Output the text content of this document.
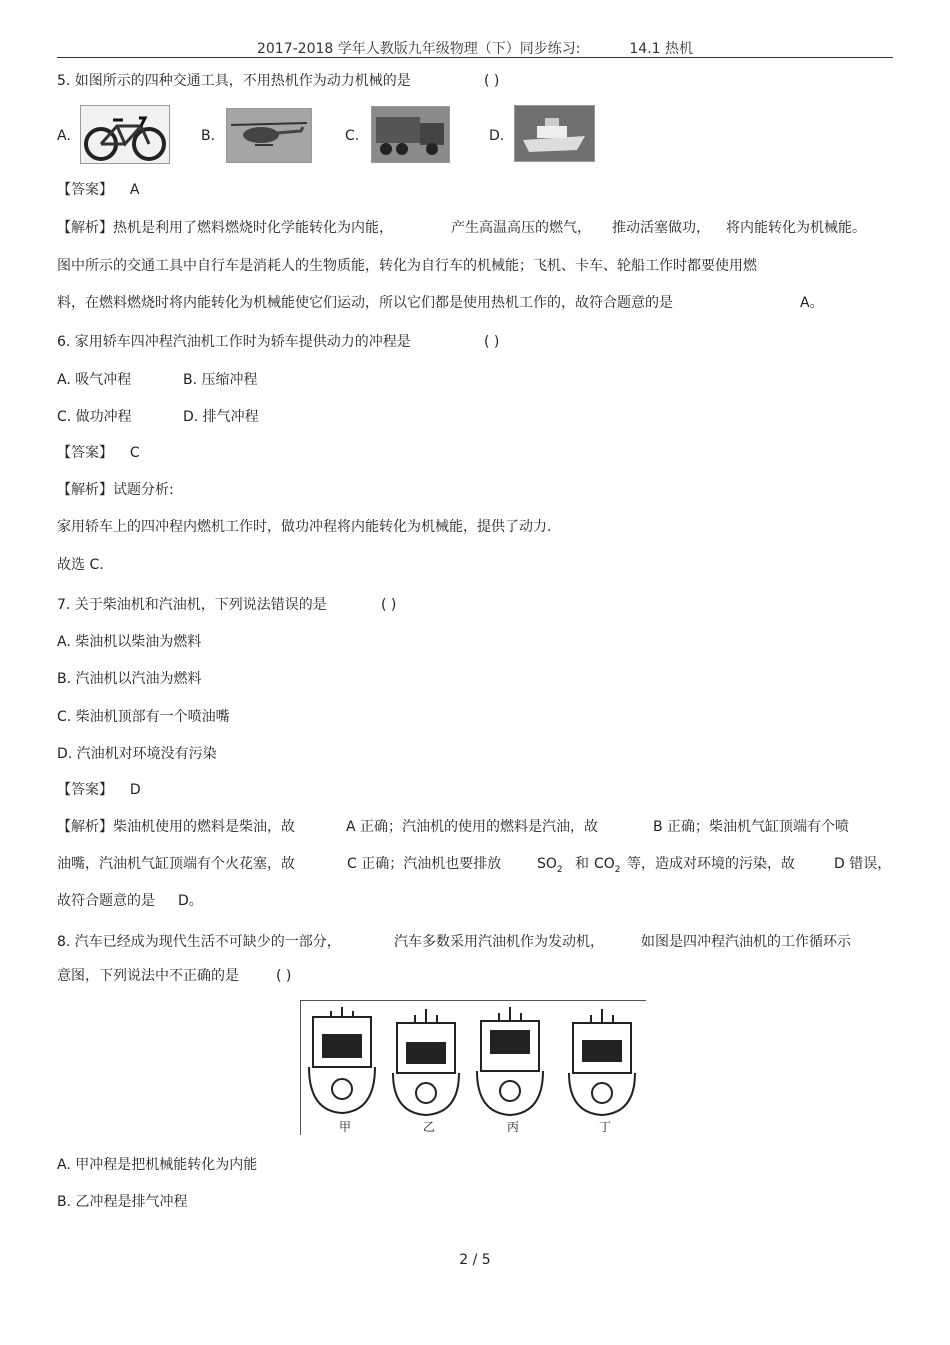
2017-2018 学年人教版九年级物理（下）同步练习:	14.1 热机
5. 如图所示的四种交通工具，不用热机作为动力机械的是	( )
A.	B.	C.	D.
【答案】 A
【解析】热机是利用了燃料燃烧时化学能转化为内能，	产生高温高压的燃气， 推动活塞做功， 将内能转化为机械能。
图中所示的交通工具中自行车是消耗人的生物质能，转化为自行车的机械能；飞机、卡车、轮船工作时都要使用燃
料，在燃料燃烧时将内能转化为机械能使它们运动，所以它们都是使用热机工作的，故符合题意的是	A。
6. 家用轿车四冲程汽油机工作时为轿车提供动力的冲程是	( )
A. 吸气冲程	B. 压缩冲程
C. 做功冲程	D. 排气冲程
【答案】 C
【解析】试题分析:
家用轿车上的四冲程内燃机工作时，做功冲程将内能转化为机械能，提供了动力.
故选 C.
7. 关于柴油机和汽油机，下列说法错误的是	( )
A. 柴油机以柴油为燃料
B. 汽油机以汽油为燃料
C. 柴油机顶部有一个喷油嘴
D. 汽油机对环境没有污染
【答案】 D
【解析】柴油机使用的燃料是柴油，故	A 正确；汽油机的使用的燃料是汽油，故	B 正确；柴油机气缸顶端有个喷
油嘴，汽油机气缸顶端有个火花塞，故	C 正确；汽油机也要排放	$SO_2$ 和 $CO_2$ 等，造成对环境的污染，故	D 错误，
故符合题意的是 D。
8. 汽车已经成为现代生活不可缺少的一部分，	汽车多数采用汽油机作为发动机，	如图是四冲程汽油机的工作循环示
意图，下列说法中不正确的是	( )
甲	乙	丙	丁
A. 甲冲程是把机械能转化为内能
B. 乙冲程是排气冲程
2 / 5
